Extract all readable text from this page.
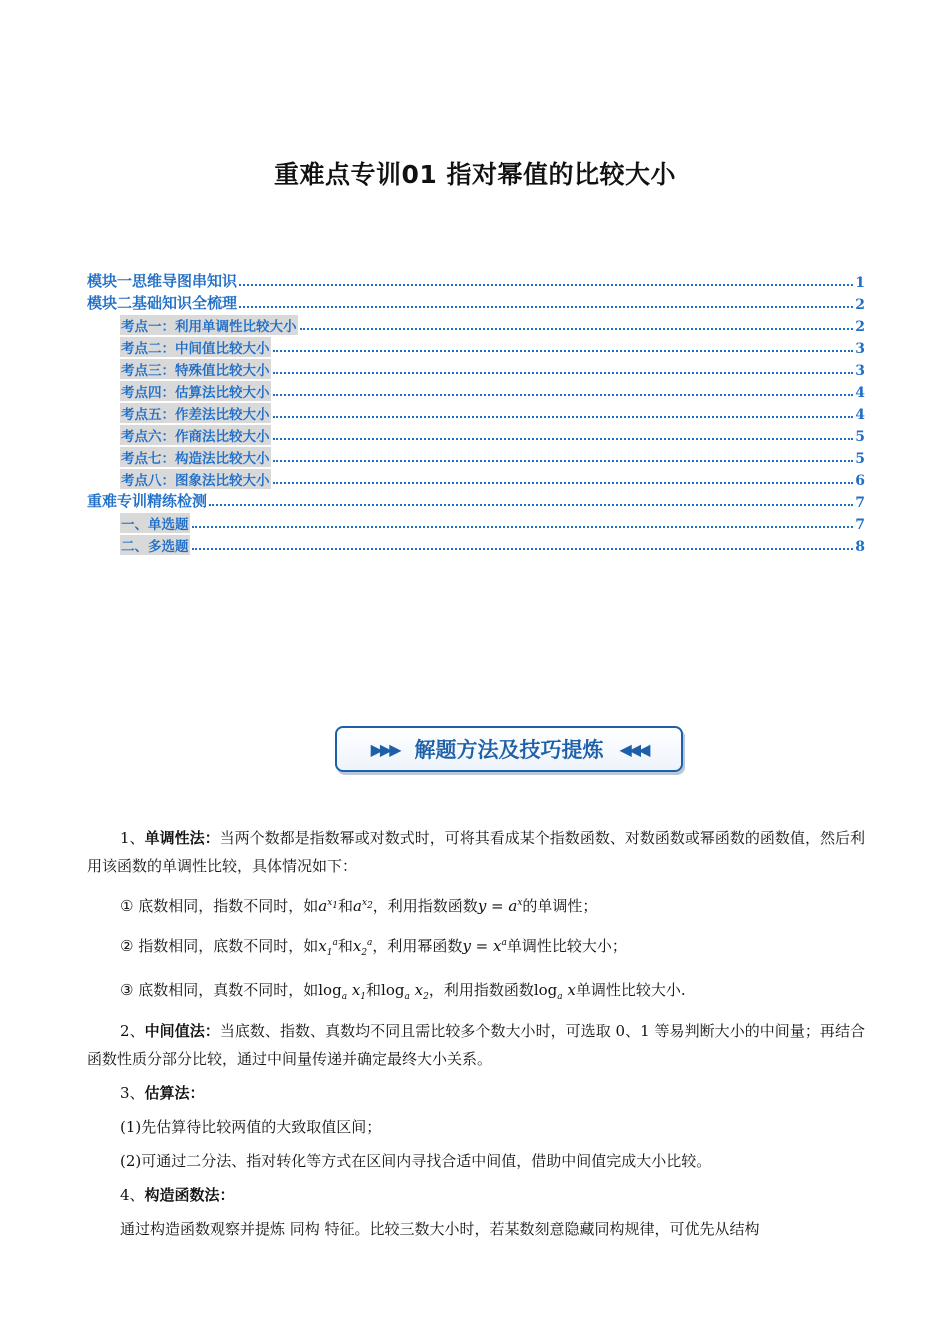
重难点专训01 指对幂值的比较大小
模块一思维导图串知识	1
模块二基础知识全梳理	2
考点一：利用单调性比较大小	2
考点二：中间值比较大小	3
考点三：特殊值比较大小	3
考点四：估算法比较大小	4
考点五：作差法比较大小	4
考点六：作商法比较大小	5
考点七：构造法比较大小	5
考点八：图象法比较大小	6
重难专训精练检测	7
一、单选题	7
二、多选题	8
▶▶▶ 解题方法及技巧提炼 ◀◀◀

1、单调性法：当两个数都是指数幂或对数式时，可将其看成某个指数函数、对数函数或幂函数的函数值，然后利用该函数的单调性比较，具体情况如下：

① 底数相同，指数不同时，如$a^{x_1}$和$a^{x_2}$，利用指数函数$y = a^x$的单调性；

② 指数相同，底数不同时，如$x_1^a$和$x_2^a$，利用幂函数$y = x^a$单调性比较大小；

③ 底数相同，真数不同时，如$\log_a x_1$和$\log_a x_2$，利用指数函数$\log_a x$单调性比较大小.

2、中间值法：当底数、指数、真数均不同且需比较多个数大小时，可选取 0、1 等易判断大小的中间量；再结合函数性质分部分比较，通过中间量传递并确定最终大小关系。

3、估算法：

(1)先估算待比较两值的大致取值区间；

(2)可通过二分法、指对转化等方式在区间内寻找合适中间值，借助中间值完成大小比较。

4、构造函数法：

通过构造函数观察并提炼 同构 特征。比较三数大小时，若某数刻意隐藏同构规律，可优先从结构
